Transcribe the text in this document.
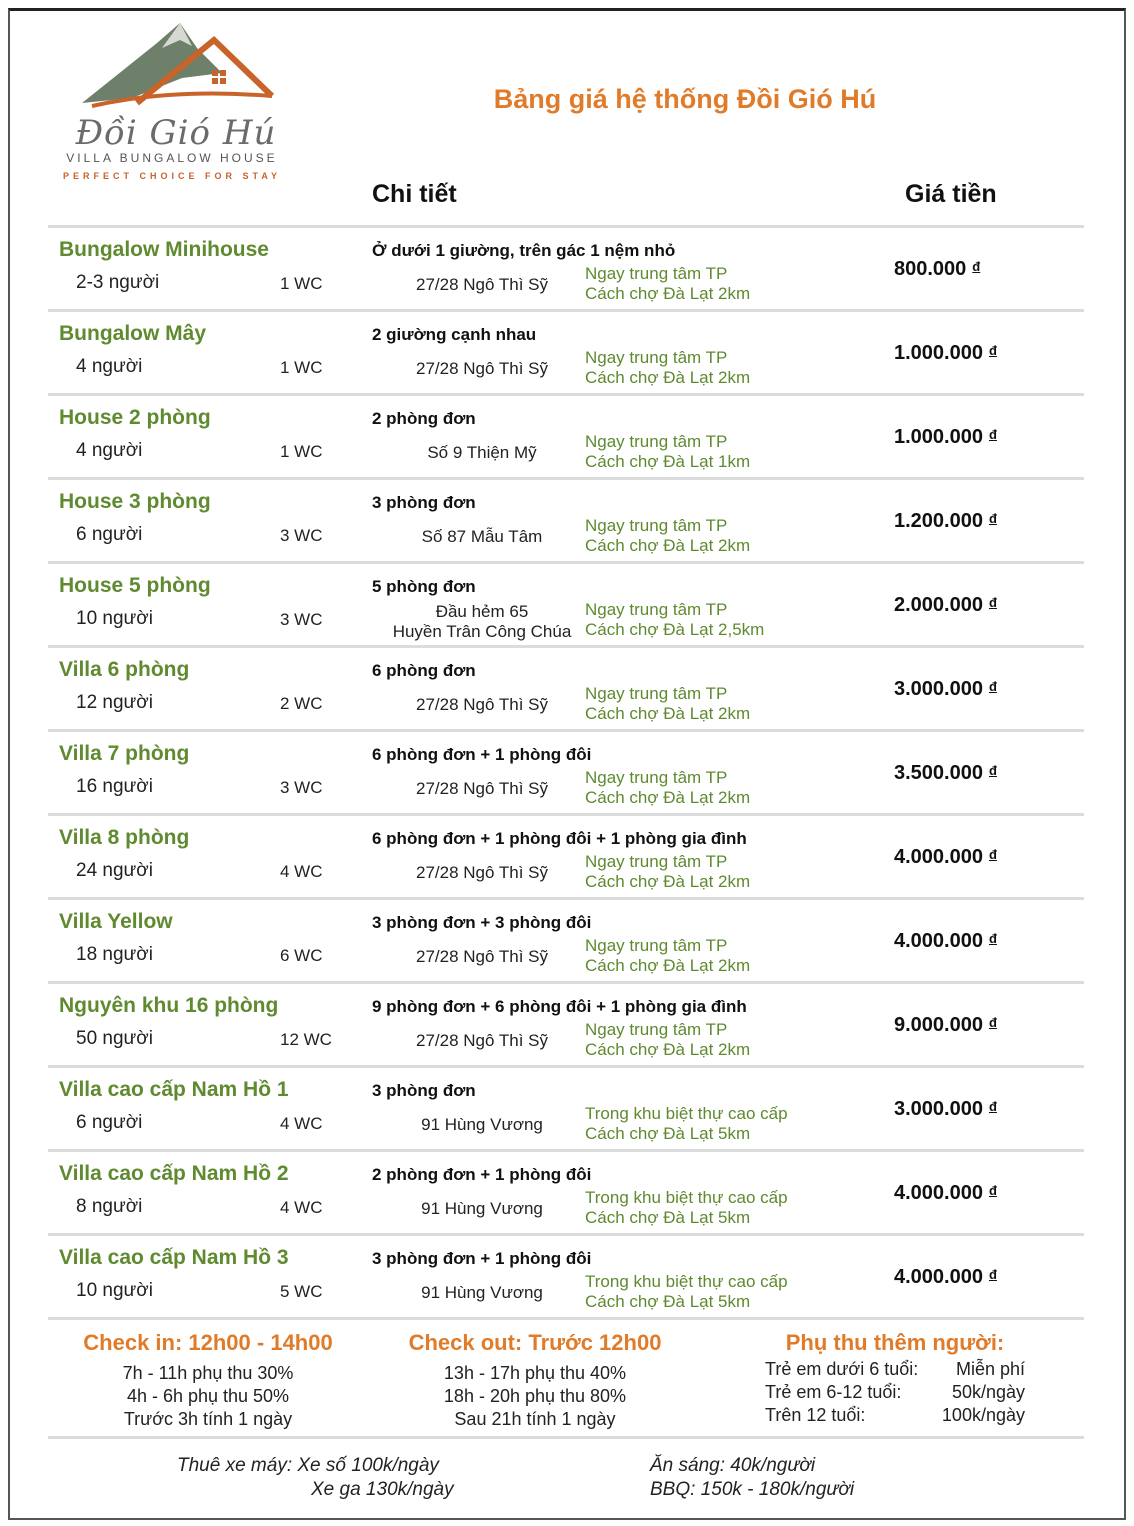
Đồi Gió Hú
VILLA BUNGALOW HOUSE
PERFECT CHOICE FOR STAY
Bảng giá hệ thống Đồi Gió Hú
Chi tiết	Giá tiền
Bungalow Minihouse
2-3 người	1 WC
Ở dưới 1 giường, trên gác 1 nệm nhỏ
27/28 Ngô Thì Sỹ
Ngay trung tâm TP
Cách chợ Đà Lạt 2km
800.000 $^đ$
Bungalow Mây
4 người	1 WC
2 giường cạnh nhau
27/28 Ngô Thì Sỹ
Ngay trung tâm TP
Cách chợ Đà Lạt 2km
1.000.000 $^đ$
House 2 phòng
4 người	1 WC
2 phòng đơn
Số 9 Thiện Mỹ
Ngay trung tâm TP
Cách chợ Đà Lạt 1km
1.000.000 $^đ$
House 3 phòng
6 người	3 WC
3 phòng đơn
Số 87 Mẫu Tâm
Ngay trung tâm TP
Cách chợ Đà Lạt 2km
1.200.000 $^đ$
House 5 phòng
10 người	3 WC
5 phòng đơn
Đầu hẻm 65
Huyền Trân Công Chúa
Ngay trung tâm TP
Cách chợ Đà Lạt 2,5km
2.000.000 $^đ$
Villa 6 phòng
12 người	2 WC
6 phòng đơn
27/28 Ngô Thì Sỹ
Ngay trung tâm TP
Cách chợ Đà Lạt 2km
3.000.000 $^đ$
Villa 7 phòng
16 người	3 WC
6 phòng đơn + 1 phòng đôi
27/28 Ngô Thì Sỹ
Ngay trung tâm TP
Cách chợ Đà Lạt 2km
3.500.000 $^đ$
Villa 8 phòng
24 người	4 WC
6 phòng đơn + 1 phòng đôi + 1 phòng gia đình
27/28 Ngô Thì Sỹ
Ngay trung tâm TP
Cách chợ Đà Lạt 2km
4.000.000 $^đ$
Villa Yellow
18 người	6 WC
3 phòng đơn + 3 phòng đôi
27/28 Ngô Thì Sỹ
Ngay trung tâm TP
Cách chợ Đà Lạt 2km
4.000.000 $^đ$
Nguyên khu 16 phòng
50 người	12 WC
9 phòng đơn + 6 phòng đôi + 1 phòng gia đình
27/28 Ngô Thì Sỹ
Ngay trung tâm TP
Cách chợ Đà Lạt 2km
9.000.000 $^đ$
Villa cao cấp Nam Hồ 1
6 người	4 WC
3 phòng đơn
91 Hùng Vương
Trong khu biệt thự cao cấp
Cách chợ Đà Lạt 5km
3.000.000 $^đ$
Villa cao cấp Nam Hồ 2
8 người	4 WC
2 phòng đơn + 1 phòng đôi
91 Hùng Vương
Trong khu biệt thự cao cấp
Cách chợ Đà Lạt 5km
4.000.000 $^đ$
Villa cao cấp Nam Hồ 3
10 người	5 WC
3 phòng đơn + 1 phòng đôi
91 Hùng Vương
Trong khu biệt thự cao cấp
Cách chợ Đà Lạt 5km
4.000.000 $^đ$
Check in: 12h00 - 14h00
7h - 11h phụ thu 30%
4h - 6h phụ thu 50%
Trước 3h tính 1 ngày
Check out: Trước 12h00
13h - 17h phụ thu 40%
18h - 20h phụ thu 80%
Sau 21h tính 1 ngày
Phụ thu thêm người:
Trẻ em dưới 6 tuổi: Miễn phí
Trẻ em 6-12 tuổi:	50k/ngày
Trên 12 tuổi:	100k/ngày
Thuê xe máy: Xe số 100k/ngày
Xe ga 130k/ngày
Ăn sáng: 40k/người
BBQ: 150k - 180k/người
